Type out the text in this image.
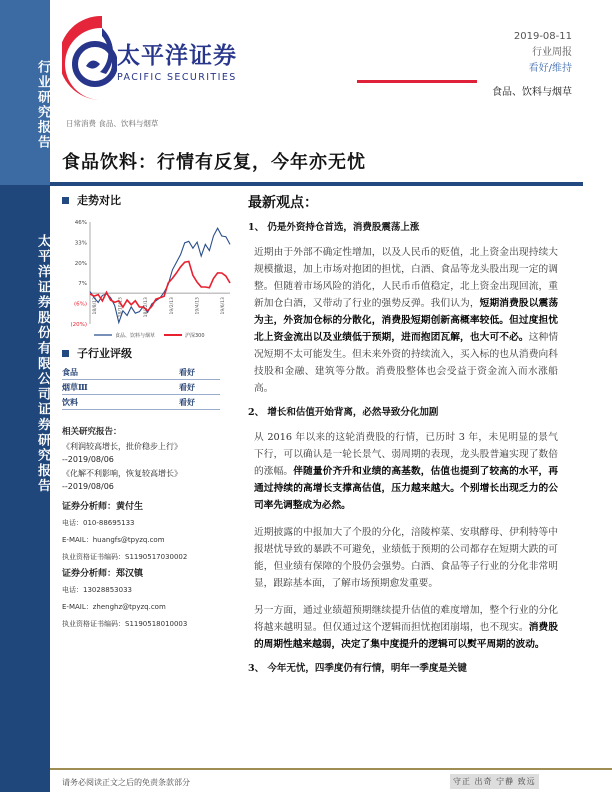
行业研究报告
太平洋证券股份有限公司证券研究报告
太平洋证券
PACIFIC SECURITIES
2019-08-11
行业周报
看好/维持
食品、饮料与烟草
日常消费 食品、饮料与烟草
食品饮料：行情有反复，今年亦无忧
走势对比
46%
33%
20%
7%
(6%)
(20%)
18/8/13	18/10/13	18/12/13	19/2/13	19/4/13	19/6/13
食品、饮料与烟草	沪深300
子行业评级
食品	看好
烟草Ⅲ	看好
饮料	看好
相关研究报告：
《利润较高增长，批价稳步上行》
--2019/08/06
《化解不利影响，恢复较高增长》
--2019/08/06
证券分析师：黄付生
电话：010-88695133
E-MAIL：huangfs@tpyzq.com
执业资格证书编码：S1190517030002
证券分析师：郑汉镇
电话：13028853033
E-MAIL：zhenghz@tpyzq.com
执业资格证书编码：S1190518010003
最新观点：
1、 仍是外资持仓首选，消费股震荡上涨

近期由于外部不确定性增加，以及人民币的贬值，北上资金出现持续大规模撤退，加上市场对抱团的担忧，白酒、食品等龙头股出现一定的调整。但随着市场风险的消化，人民币币值稳定，北上资金出现回流，重新加仓白酒，又带动了行业的强势反弹。我们认为，短期消费股以震荡为主，外资加仓标的分散化，消费股短期创新高概率较低。但过度担忧北上资金流出以及业绩低于预期，进而抱团瓦解，也大可不必。这种情况短期不太可能发生。但未来外资的持续流入，买入标的也从消费向科技股和金融、建筑等分散。消费股整体也会受益于资金流入而水涨船高。

2、 增长和估值开始背离，必然导致分化加剧

从 2016 年以来的这轮消费股的行情，已历时 3 年，未见明显的景气下行，可以确认是一轮长景气、弱周期的表现，龙头股普遍实现了数倍的涨幅。伴随量价齐升和业绩的高基数，估值也提到了较高的水平，再通过持续的高增长支撑高估值，压力越来越大。个别增长出现乏力的公司率先调整成为必然。

近期披露的中报加大了个股的分化，涪陵榨菜、安琪酵母、伊利特等中报堪忧导致的暴跌不可避免，业绩低于预期的公司都存在短期大跌的可能，但业绩有保障的个股仍会强势。白酒、食品等子行业的分化非常明显，跟踪基本面，了解市场预期愈发重要。

另一方面，通过业绩超预期继续提升估值的难度增加，整个行业的分化将越来越明显。但仅通过这个逻辑而担忧抱团崩塌，也不现实。消费股的周期性越来越弱，决定了集中度提升的逻辑可以熨平周期的波动。

3、 今年无忧，四季度仍有行情，明年一季度是关键
请务必阅读正文之后的免责条款部分	守正 出奇 宁静 致远
